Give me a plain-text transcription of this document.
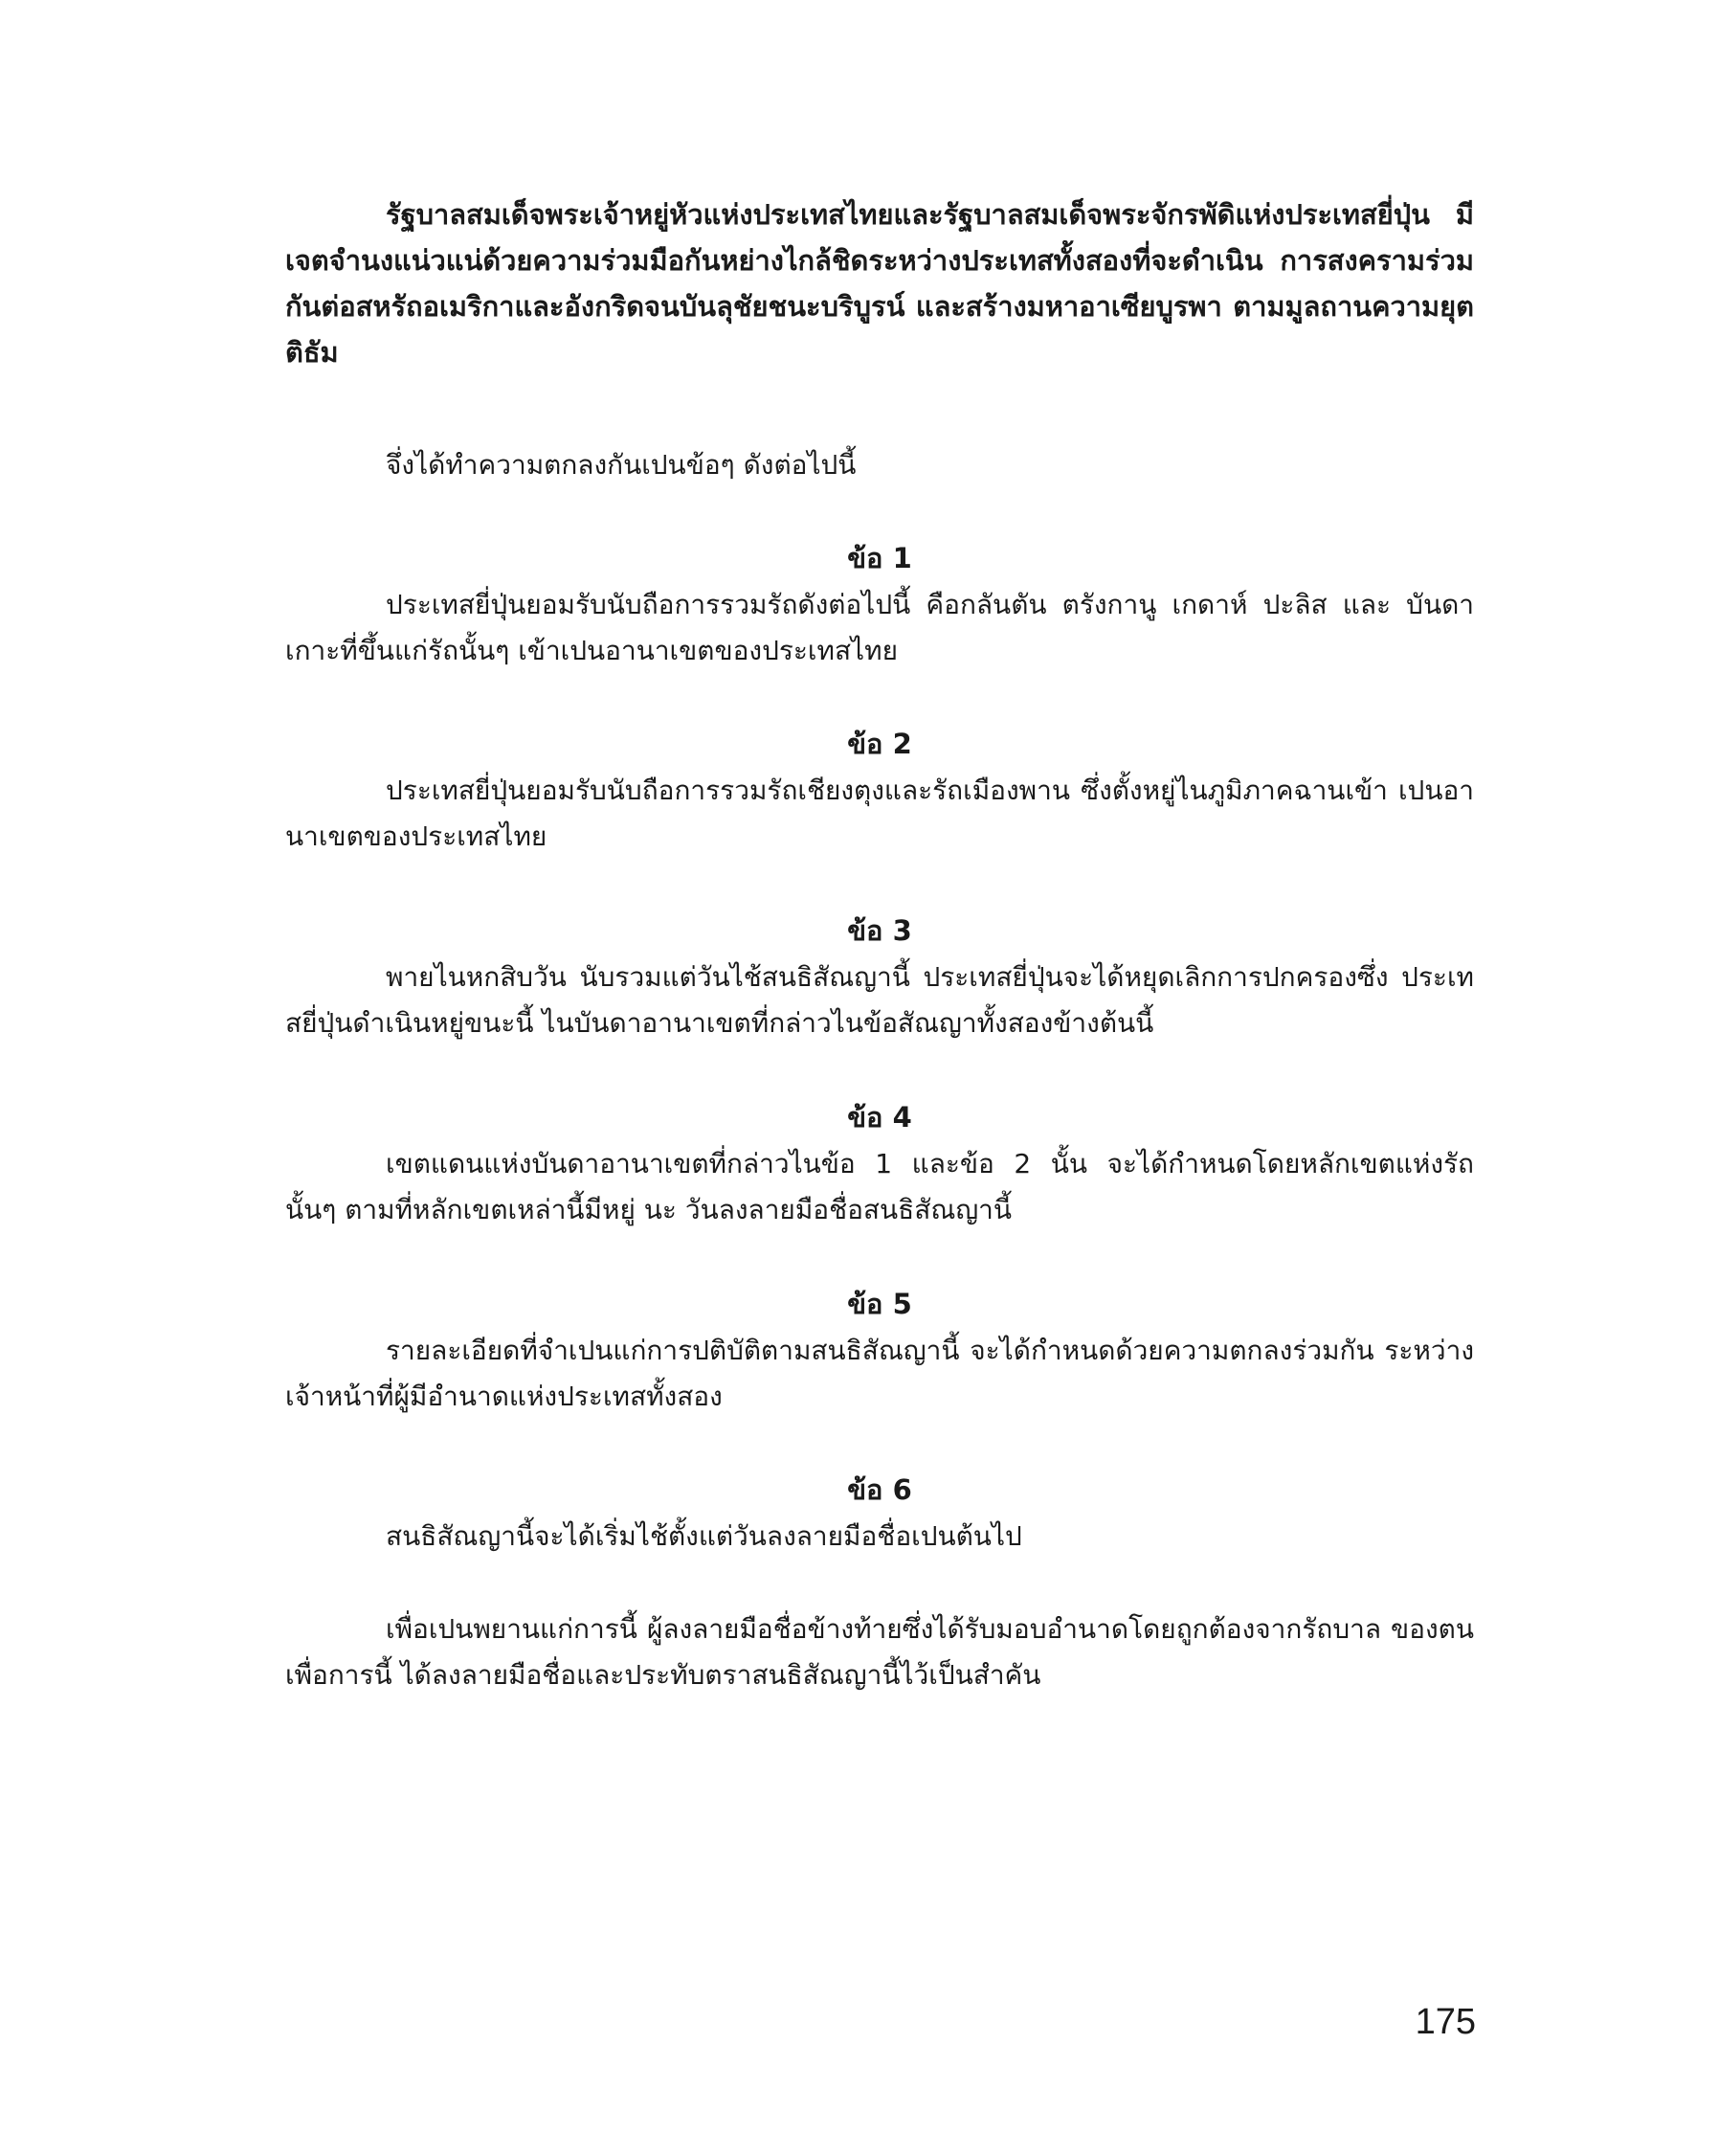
รัฐบาลสมเด็จพระเจ้าหยู่หัวแห่งประเทสไทยและรัฐบาลสมเด็จพระจักรพัดิแห่งประเทสยี่ปุ่น มีเจตจำนงแน่วแน่ด้วยความร่วมมือกันหย่างไกล้ชิดระหว่างประเทสทั้งสองที่จะดำเนิน การสงครามร่วมกันต่อสหรัถอเมริกาและอังกริดจนบันลุชัยชนะบริบูรน์ และสร้างมหาอาเซียบูรพา ตามมูลถานความยุตติธัม

จึ่งได้ทำความตกลงกันเปนข้อๆ ดังต่อไปนี้

ข้อ 1

ประเทสยี่ปุ่นยอมรับนับถือการรวมรัถดังต่อไปนี้ คือกลันตัน ตรังกานู เกดาห์ ปะลิส และ บันดาเกาะที่ขึ้นแก่รัถนั้นๆ เข้าเปนอานาเขตของประเทสไทย

ข้อ 2

ประเทสยี่ปุ่นยอมรับนับถือการรวมรัถเชียงตุงและรัถเมืองพาน ซึ่งตั้งหยู่ไนภูมิภาคฉานเข้า เปนอานาเขตของประเทสไทย

ข้อ 3

พายไนหกสิบวัน นับรวมแต่วันไช้สนธิสัณญานี้ ประเทสยี่ปุ่นจะได้หยุดเลิกการปกครองซึ่ง ประเทสยี่ปุ่นดำเนินหยู่ขนะนี้ ไนบันดาอานาเขตที่กล่าวไนข้อสัณญาทั้งสองข้างต้นนี้

ข้อ 4

เขตแดนแห่งบันดาอานาเขตที่กล่าวไนข้อ 1 และข้อ 2 นั้น จะได้กำหนดโดยหลักเขตแห่งรัถ นั้นๆ ตามที่หลักเขตเหล่านี้มีหยู่ นะ วันลงลายมือชื่อสนธิสัณญานี้

ข้อ 5

รายละเอียดที่จำเปนแก่การปติบัติตามสนธิสัณญานี้ จะได้กำหนดด้วยความตกลงร่วมกัน ระหว่างเจ้าหน้าที่ผู้มีอำนาดแห่งประเทสทั้งสอง

ข้อ 6

สนธิสัณญานี้จะได้เริ่มไช้ตั้งแต่วันลงลายมือชื่อเปนต้นไป

เพื่อเปนพยานแก่การนี้ ผู้ลงลายมือชื่อข้างท้ายซึ่งได้รับมอบอำนาดโดยถูกต้องจากรัถบาล ของตนเพื่อการนี้ ได้ลงลายมือชื่อและประทับตราสนธิสัณญานี้ไว้เป็นสำคัน

175
